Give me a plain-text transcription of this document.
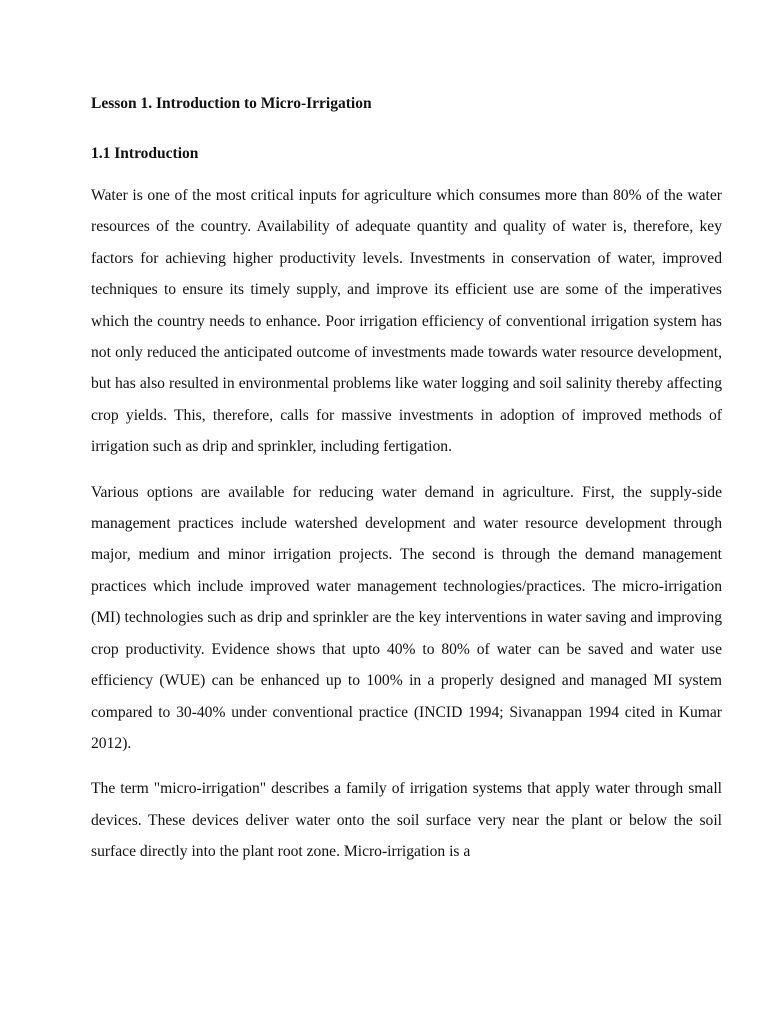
Lesson 1. Introduction to Micro-Irrigation
1.1 Introduction

Water is one of the most critical inputs for agriculture which consumes more than 80% of the water resources of the country. Availability of adequate quantity and quality of water is, therefore, key factors for achieving higher productivity levels. Investments in conservation of water, improved techniques to ensure its timely supply, and improve its efficient use are some of the imperatives which the country needs to enhance. Poor irrigation efficiency of conventional irrigation system has not only reduced the anticipated outcome of investments made towards water resource development, but has also resulted in environmental problems like water logging and soil salinity thereby affecting crop yields. This, therefore, calls for massive investments in adoption of improved methods of irrigation such as drip and sprinkler, including fertigation.

Various options are available for reducing water demand in agriculture. First, the supply-side management practices include watershed development and water resource development through major, medium and minor irrigation projects. The second is through the demand management practices which include improved water management technologies/practices. The micro-irrigation (MI) technologies such as drip and sprinkler are the key interventions in water saving and improving crop productivity. Evidence shows that upto 40% to 80% of water can be saved and water use efficiency (WUE) can be enhanced up to 100% in a properly designed and managed MI system compared to 30-40% under conventional practice (INCID 1994; Sivanappan 1994 cited in Kumar 2012).

The term "micro-irrigation" describes a family of irrigation systems that apply water through small devices. These devices deliver water onto the soil surface very near the plant or below the soil surface directly into the plant root zone. Micro-irrigation is a
